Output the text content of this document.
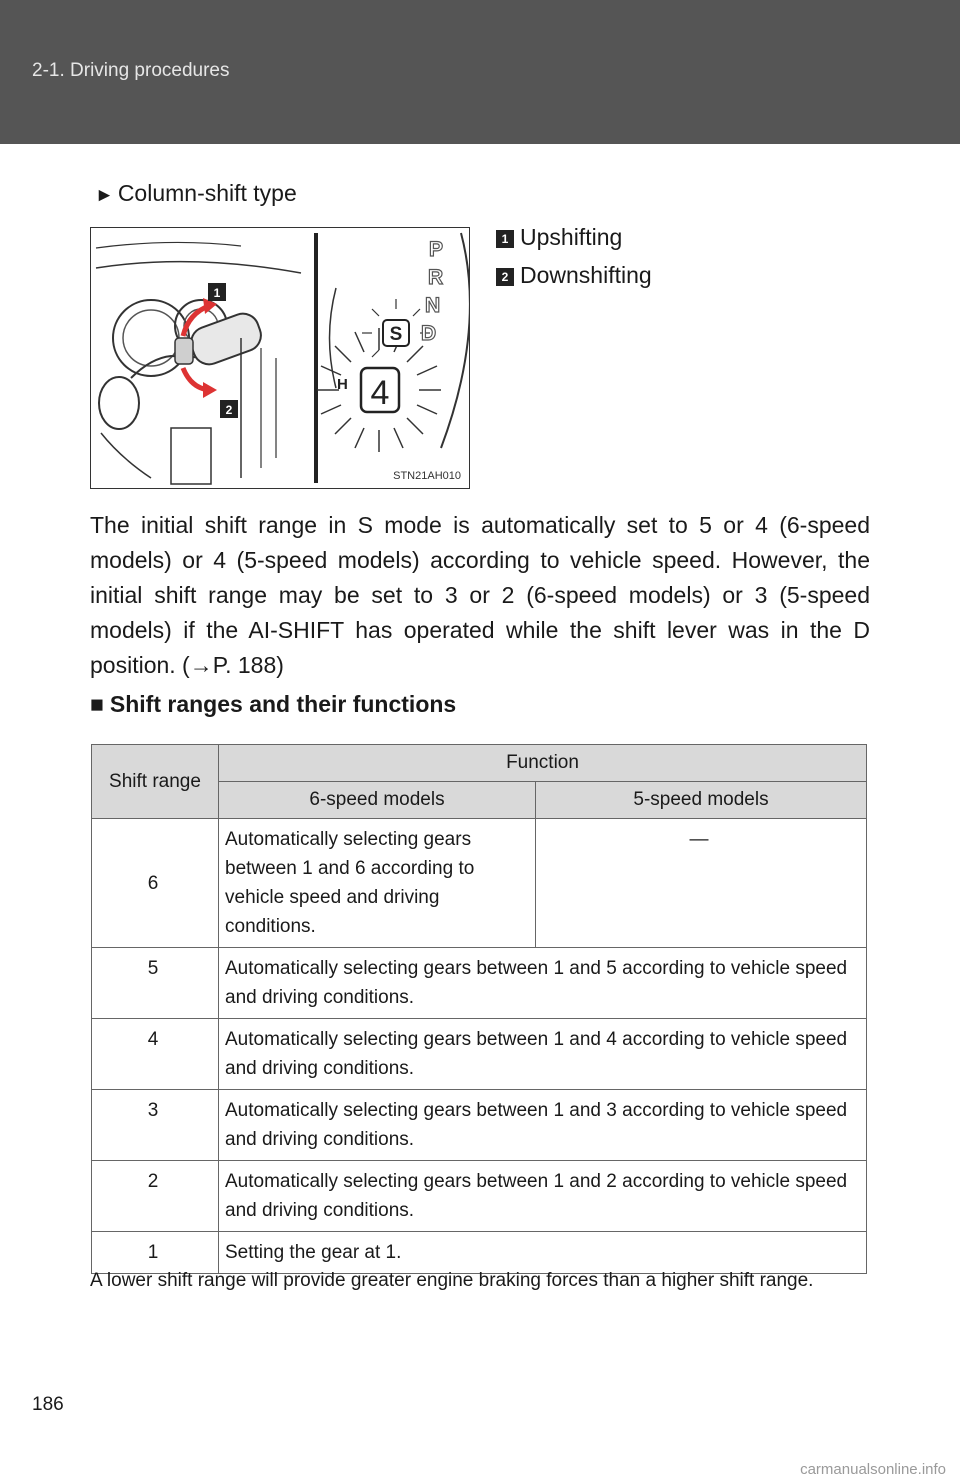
2-1. Driving procedures
► Column-shift type
1
2
S
4
H
P
R
N
D
STN21AH010
1 Upshifting
2 Downshifting
The initial shift range in S mode is automatically set to 5 or 4 (6-speed models) or 4 (5-speed models) according to vehicle speed. However, the initial shift range may be set to 3 or 2 (6-speed models) or 3 (5-speed models) if the AI-SHIFT has operated while the shift lever was in the D position. (→P. 188)
■ Shift ranges and their functions
Shift range	Function	
	6-speed models	5-speed models
6	Automatically selecting gears between 1 and 6 according to vehicle speed and driving conditions.	—
5	Automatically selecting gears between 1 and 5 according to vehicle speed and driving conditions.	
4	Automatically selecting gears between 1 and 4 according to vehicle speed and driving conditions.	
3	Automatically selecting gears between 1 and 3 according to vehicle speed and driving conditions.	
2	Automatically selecting gears between 1 and 2 according to vehicle speed and driving conditions.	
1	Setting the gear at 1.	
A lower shift range will provide greater engine braking forces than a higher shift range.
186
carmanualsonline.info
